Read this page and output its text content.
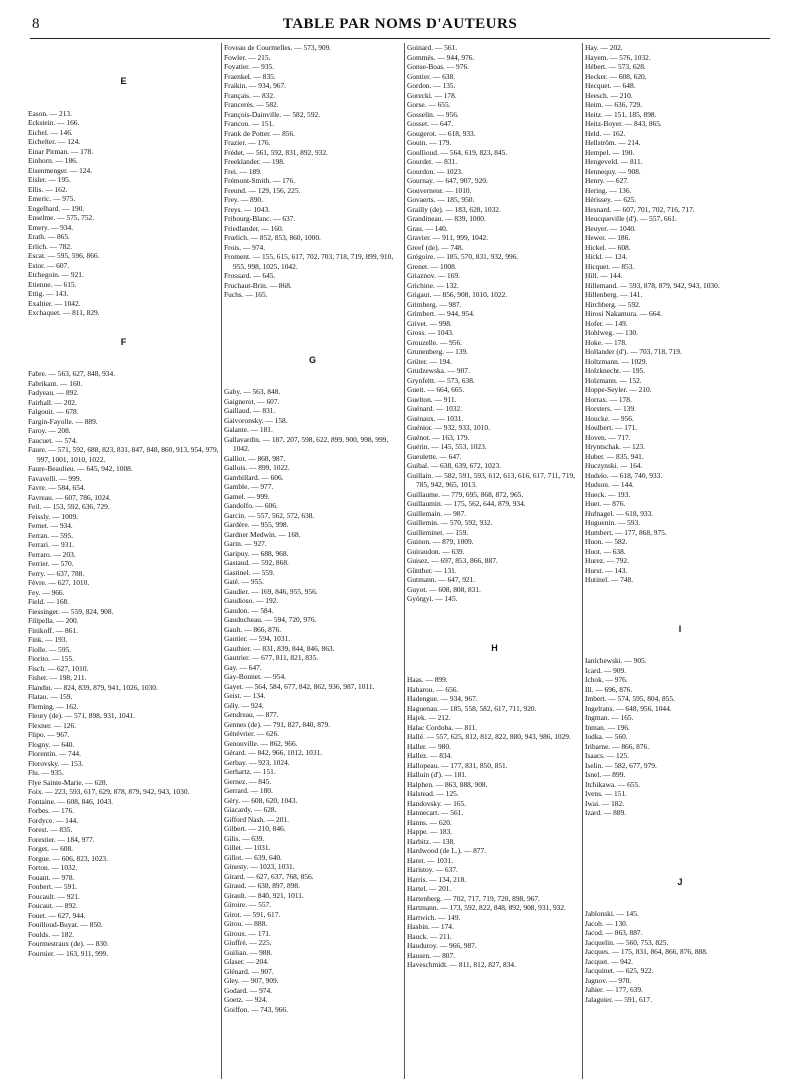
8	TABLE PAR NOMS D'AUTEURS
E
Eason. — 213.
Eckstein. — 166.
Eichel. — 146.
Eichelter. — 124.
Einar Pirman. — 178.
Einhorn. — 186.
Eisenmenger. — 124.
Eisler. — 195.
Ellis. — 162.
Emeric. — 975.
Engelhard. — 190.
Enselme. — 575, 752.
Emery. — 934.
Erath. — 865.
Erlich. — 782.
Escat. — 595, 596, 866.
Estor. — 607.
Etchegoin. — 921.
Etienne. — 615.
Ettig. — 143.
Exaltier. — 1042.
Exchaquet. — 811, 829.
F
Fabre. — 563, 627, 848, 934.
Fabrikant. — 160.
Fadyeau. — 892.
Fairhall. — 202.
Falgouit. — 678.
Fargin-Fayolle. — 889.
Faroy. — 208.
Faucuet. — 574.
Faure. — 571, 592, 688, 823, 831, 847, 848, 860, 913, 954, 979, 997, 1001, 1010, 1022.
Faure-Beaulieu. — 645, 942, 1008.
Favavelli. — 999.
Favre. — 584, 654.
Favreau. — 607, 786, 1024.
Feil. — 153, 592, 636, 729.
Feissly. — 1009.
Fernet. — 934.
Ferran. — 595.
Ferrari. — 931.
Ferraro. — 203.
Ferrier. — 570.
Ferry. — 637, 788.
Fèvre. — 627, 1010.
Fey. — 966.
Field. — 168.
Fiessinger. — 559, 824, 908.
Filipella. — 200.
Finikoff. — 861.
Fink. — 193.
Fiolle. — 595.
Fiorito. — 155.
Fisch. — 627, 1010.
Fisher. — 198, 211.
Flandin. — 824, 839, 879, 941, 1026, 1030.
Flatau. — 159.
Fleming. — 162.
Fleury (de). — 571, 898, 931, 1041.
Flexner. — 126.
Flipo. — 967.
Flogny. — 640.
Florentin. — 744.
Florovsky. — 153.
Flu. — 935.
Flye Sainte-Marie. — 628.
Foix. — 223, 593, 617, 629, 878, 879, 942, 943, 1030.
Fontaine. — 608, 846, 1043.
Forbes. — 176.
Fordyce. — 144.
Forest. — 835.
Forestier. — 184, 977.
Forget. — 608.
Forgue. — 606, 823, 1023.
Forton. — 1032.
Fouant. — 978.
Foubert. — 591.
Foucault. — 921.
Foucaut. — 892.
Fouet. — 627, 944.
Fouilloud-Buyat. — 850.
Foulds. — 182.
Fourmestraux (de). — 830.
Fournier. — 163, 911, 999.
Foveau de Courmelles. — 573, 909.
Fowler. — 215.
Foyatier. — 935.
Fraenkel. — 835.
Fraikin. — 934, 967.
Français. — 832.
Francerès. — 582.
François-Dainville. — 582, 592.
Francon. — 151.
Frank de Potter. — 856.
Frazier. — 176.
Frédet. — 561, 592, 831, 892, 932.
Freeklander. — 198.
Frei. — 189.
Frémont-Smith. — 176.
Freund. — 129, 156, 225.
Frey. — 890.
Freys. — 1043.
Fribourg-Blanc. — 637.
Friedlander. — 160.
Frœlich. — 852, 853, 860, 1000.
Frois. — 974.
Froment. — 155, 615, 617, 702, 703, 718, 719, 899, 910, 955, 998, 1025, 1042.
Frossard. — 645.
Fruchaut-Brin. — 868.
Fuchs. — 165.
G
Gaby. — 563, 848.
Gaignerot. — 607.
Gaillaud. — 831.
Gaivoronsky. — 158.
Galante. — 181.
Gallavardin. — 187, 207, 598, 622, 899, 900, 998, 999, 1042.
Galliot. — 868, 987.
Gallois. — 899, 1022.
Gambillard. — 606.
Gamble. — 977.
Gamel. — 999.
Gandolfo. — 606.
Garcin. — 557, 562, 572, 638.
Gardère. — 955, 998.
Gardner Medwin. — 168.
Garin. — 927.
Garipuy. — 688, 968.
Gastaud. — 592, 868.
Gastinel. — 559.
Gaté. — 955.
Gaudier. — 169, 846, 955, 956.
Gaudioso. — 192.
Gaudon. — 584.
Gauducheau. — 594, 720, 976.
Gault. — 866, 876.
Gautier. — 594, 1031.
Gauthier. — 831, 839, 844, 846, 863.
Gautrier. — 677, 811, 821, 835.
Gay. — 647.
Gay-Bonnet. — 954.
Gayet. — 564, 584, 677, 842, 862, 936, 987, 1011.
Geist. — 134.
Gély. — 924.
Gendreau. — 877.
Gennes (de). — 791, 827, 840, 879.
Génévrier. — 626.
Genouville. — 862, 966.
Gérard. — 842, 966, 1012, 1031.
Gerbay. — 923, 1024.
Gerhartz. — 151.
Gernez. — 845.
Gerrard. — 180.
Géry. — 608, 620, 1043.
Giacardy. — 628.
Gifford Nash. — 201.
Gilbert. — 210, 846.
Gilis. — 639.
Gillet. — 1031.
Gillot. — 639, 640.
Ginesty. — 1023, 1031.
Girard. — 627, 637, 768, 856.
Giraud. — 638, 897, 898.
Girault. — 840, 921, 1011.
Giroire. — 557.
Girot. — 591, 617.
Girou. — 888.
Giroux. — 171.
Giuffré. — 225.
Guilian. — 988.
Glaser. — 204.
Glénard. — 907.
Gley. — 907, 909.
Godard. — 974.
Goetz. — 924.
Goiffon. — 743, 966.
Goinard. — 561.
Gommès. — 944, 976.
Gonse-Boas. — 976.
Gontier. — 638.
Gordon. — 135.
Gorecki. — 178.
Gorse. — 655.
Gosselin. — 956.
Gosset. — 647.
Gougerot. — 618, 933.
Gouin. — 179.
Goullioud. — 564, 619, 823, 845.
Gourdet. — 831.
Gourdon. — 1023.
Gournay. — 647, 907, 920.
Gouverneur. — 1010.
Govaerts. — 185, 950.
Grailly (de). — 183, 628, 1032.
Grandineau. — 839, 1000.
Grau. — 140.
Gravier. — 911, 999, 1042.
Greef (de). — 748.
Grégoire. — 185, 570, 831, 932, 996.
Grenet. — 1008.
Griaznov. — 169.
Grichine. — 132.
Grigaut. — 856, 908, 1010, 1022.
Grimberg. — 987.
Grimbert. — 944, 954.
Grivet. — 998.
Gross. — 1043.
Grouzelle. — 956.
Grunenberg. — 139.
Grüter. — 194.
Grudzewska. — 907.
Grynfeltt. — 573, 638.
Gueit. — 664, 665.
Guelton. — 911.
Guénard. — 1032.
Guénaux. — 1031.
Guénior. — 932, 933, 1010.
Guénot. — 163, 179.
Guérin. — 145, 553, 1023.
Gueulette. — 647.
Guibal. — 638, 639, 672, 1023.
Guillain. — 582, 591, 593, 612, 613, 616, 617, 711, 719, 785, 942, 965, 1013.
Guillaume. — 779, 695, 868, 872, 965.
Guillaumin. — 175, 562, 644, 879, 934.
Guillemain. — 987.
Guillemin. — 570, 592, 932.
Guilleminet. — 159.
Guinon. — 879, 1009.
Guiraudon. — 639.
Guisez. — 697, 853, 866, 887.
Günther. — 131.
Gutmann. — 647, 921.
Guyot. — 608, 808, 831.
Györgyi. — 145.
H
Haas. — 899.
Habarou. — 656.
Hadengue. — 934, 967.
Haguenau. — 185, 558, 582, 617, 711, 920.
Hajek. — 212.
Halac Cordoba. — 811.
Hallé. — 557, 625, 812, 812, 822, 880, 943, 986, 1029.
Haller. — 980.
Hallez. — 834.
Hallopeau. — 177, 831, 850, 851.
Halluin (d'). — 181.
Halphen. — 863, 888, 908.
Halstead. — 125.
Handovsky. — 165.
Hannecart. — 561.
Hanns. — 620.
Happe. — 183.
Harbitz. — 138.
Hardwood (de L.). — 877.
Haret. — 1031.
Haristoy. — 637.
Harris. — 134, 218.
Hartel. — 201.
Hartenberg. — 702, 717, 719, 720, 898, 967.
Hartmann. — 173, 592, 822, 848, 892, 908, 931, 932.
Hartwich. — 149.
Hasbin. — 174.
Hauck. — 211.
Hauduroy. — 966, 987.
Hausen. — 807.
Haveschmidt. — 811, 812, 827, 834.
Hay. — 202.
Hayem. — 576, 1032.
Hébert. — 573, 628.
Hecker. — 608, 620.
Hecquet. — 648.
Heesch. — 210.
Heim. — 636, 729.
Heitz. — 151, 185, 898.
Heitz-Boyer. — 843, 865.
Held. — 162.
Hellström. — 214.
Hempel. — 190.
Hengeveld. — 811.
Hennequy. — 908.
Henry. — 627.
Hering. — 136.
Hérissey. — 625.
Hesnard. — 607, 701, 702, 716, 717.
Heucqueville (d'). — 557, 661.
Heuyer. — 1040.
Hewer. — 186.
Hickel. — 608.
Hickl. — 124.
Hicquet. — 853.
Hill. — 144.
Hillemand. — 593, 878, 879, 942, 943, 1030.
Hillenberg. — 141.
Hirchberg. — 592.
Hirosi Nakamura. — 664.
Hofer. — 149.
Hohlweg. — 130.
Hoke. — 178.
Hollander (d'). — 703, 718, 719.
Holtzmann. — 1029.
Holzknecht. — 195.
Holzmann. — 152.
Hoppe-Seyler. — 210.
Horrax. — 178.
Horsters. — 139.
Houcke. — 956.
Houlbert. — 171.
Hoven. — 717.
Hryntschak. — 123.
Huber. — 835, 941.
Huczynski. — 164.
Hudelo. — 618, 740, 933.
Hudson. — 144.
Hueck. — 193.
Huet. — 876.
Hufnagel. — 618, 933.
Huguenin. — 593.
Humbert. — 177, 868, 975.
Huon. — 582.
Huot. — 638.
Hurez. — 792.
Hurst. — 143.
Hutinel. — 748.
I
Ianichewski. — 905.
Icard. — 909.
Ichok. — 976.
Ill. — 696, 876.
Imbert. — 574, 595, 804, 855.
Ingelrans. — 648, 956, 1044.
Ingman. — 165.
Inman. — 196.
Iodka. — 560.
Iribarne. — 866, 876.
Isaacs. — 125.
Iselin. — 582, 677, 979.
Isnel. — 899.
Itchikawa. — 655.
Ivens. — 151.
Iwai. — 182.
Izard. — 889.
J
Jablonski. — 145.
Jacob. — 130.
Jacod. — 863, 887.
Jacquelin. — 560, 753, 825.
Jacques. — 175, 831, 864, 866, 876, 888.
Jacquet. — 942.
Jacquinet. — 625, 922.
Jagnov. — 970.
Jahier. — 177, 639.
Jalaguier. — 591, 617.
